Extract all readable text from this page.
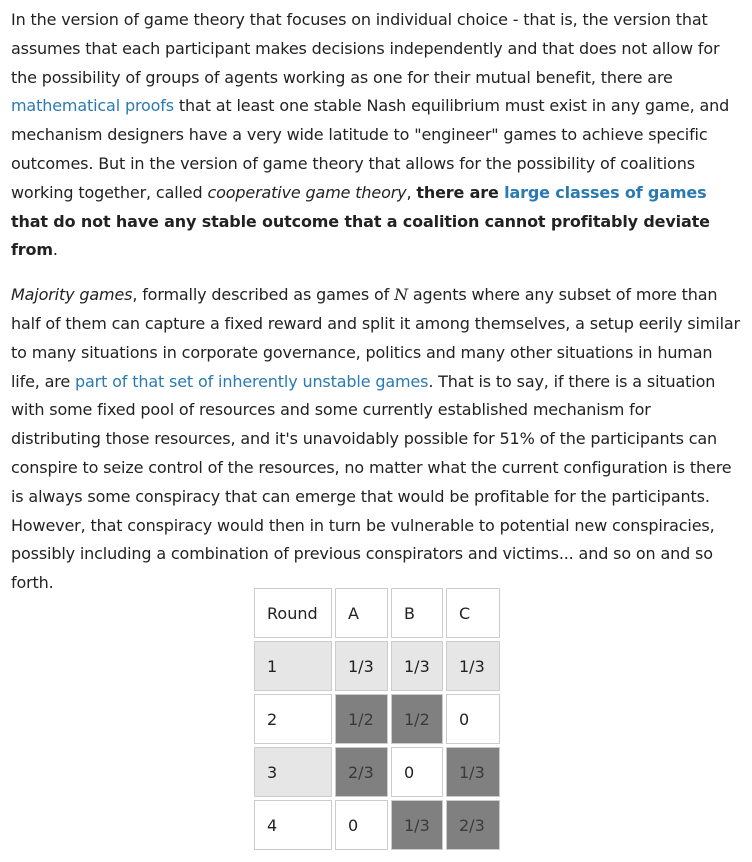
In the version of game theory that focuses on individual choice - that is, the version that assumes that each participant makes decisions independently and that does not allow for the possibility of groups of agents working as one for their mutual benefit, there are mathematical proofs that at least one stable Nash equilibrium must exist in any game, and mechanism designers have a very wide latitude to "engineer" games to achieve specific outcomes. But in the version of game theory that allows for the possibility of coalitions working together, called cooperative game theory, there are large classes of games that do not have any stable outcome that a coalition cannot profitably deviate from.

Majority games, formally described as games of N agents where any subset of more than half of them can capture a fixed reward and split it among themselves, a setup eerily similar to many situations in corporate governance, politics and many other situations in human life, are part of that set of inherently unstable games. That is to say, if there is a situation with some fixed pool of resources and some currently established mechanism for distributing those resources, and it's unavoidably possible for 51% of the participants can conspire to seize control of the resources, no matter what the current configuration is there is always some conspiracy that can emerge that would be profitable for the participants. However, that conspiracy would then in turn be vulnerable to potential new conspiracies, possibly including a combination of previous conspirators and victims... and so on and so forth.

Round	A	B	C
1	1/3	1/3	1/3
2	1/2	1/2	0
3	2/3	0	1/3
4	0	1/3	2/3
